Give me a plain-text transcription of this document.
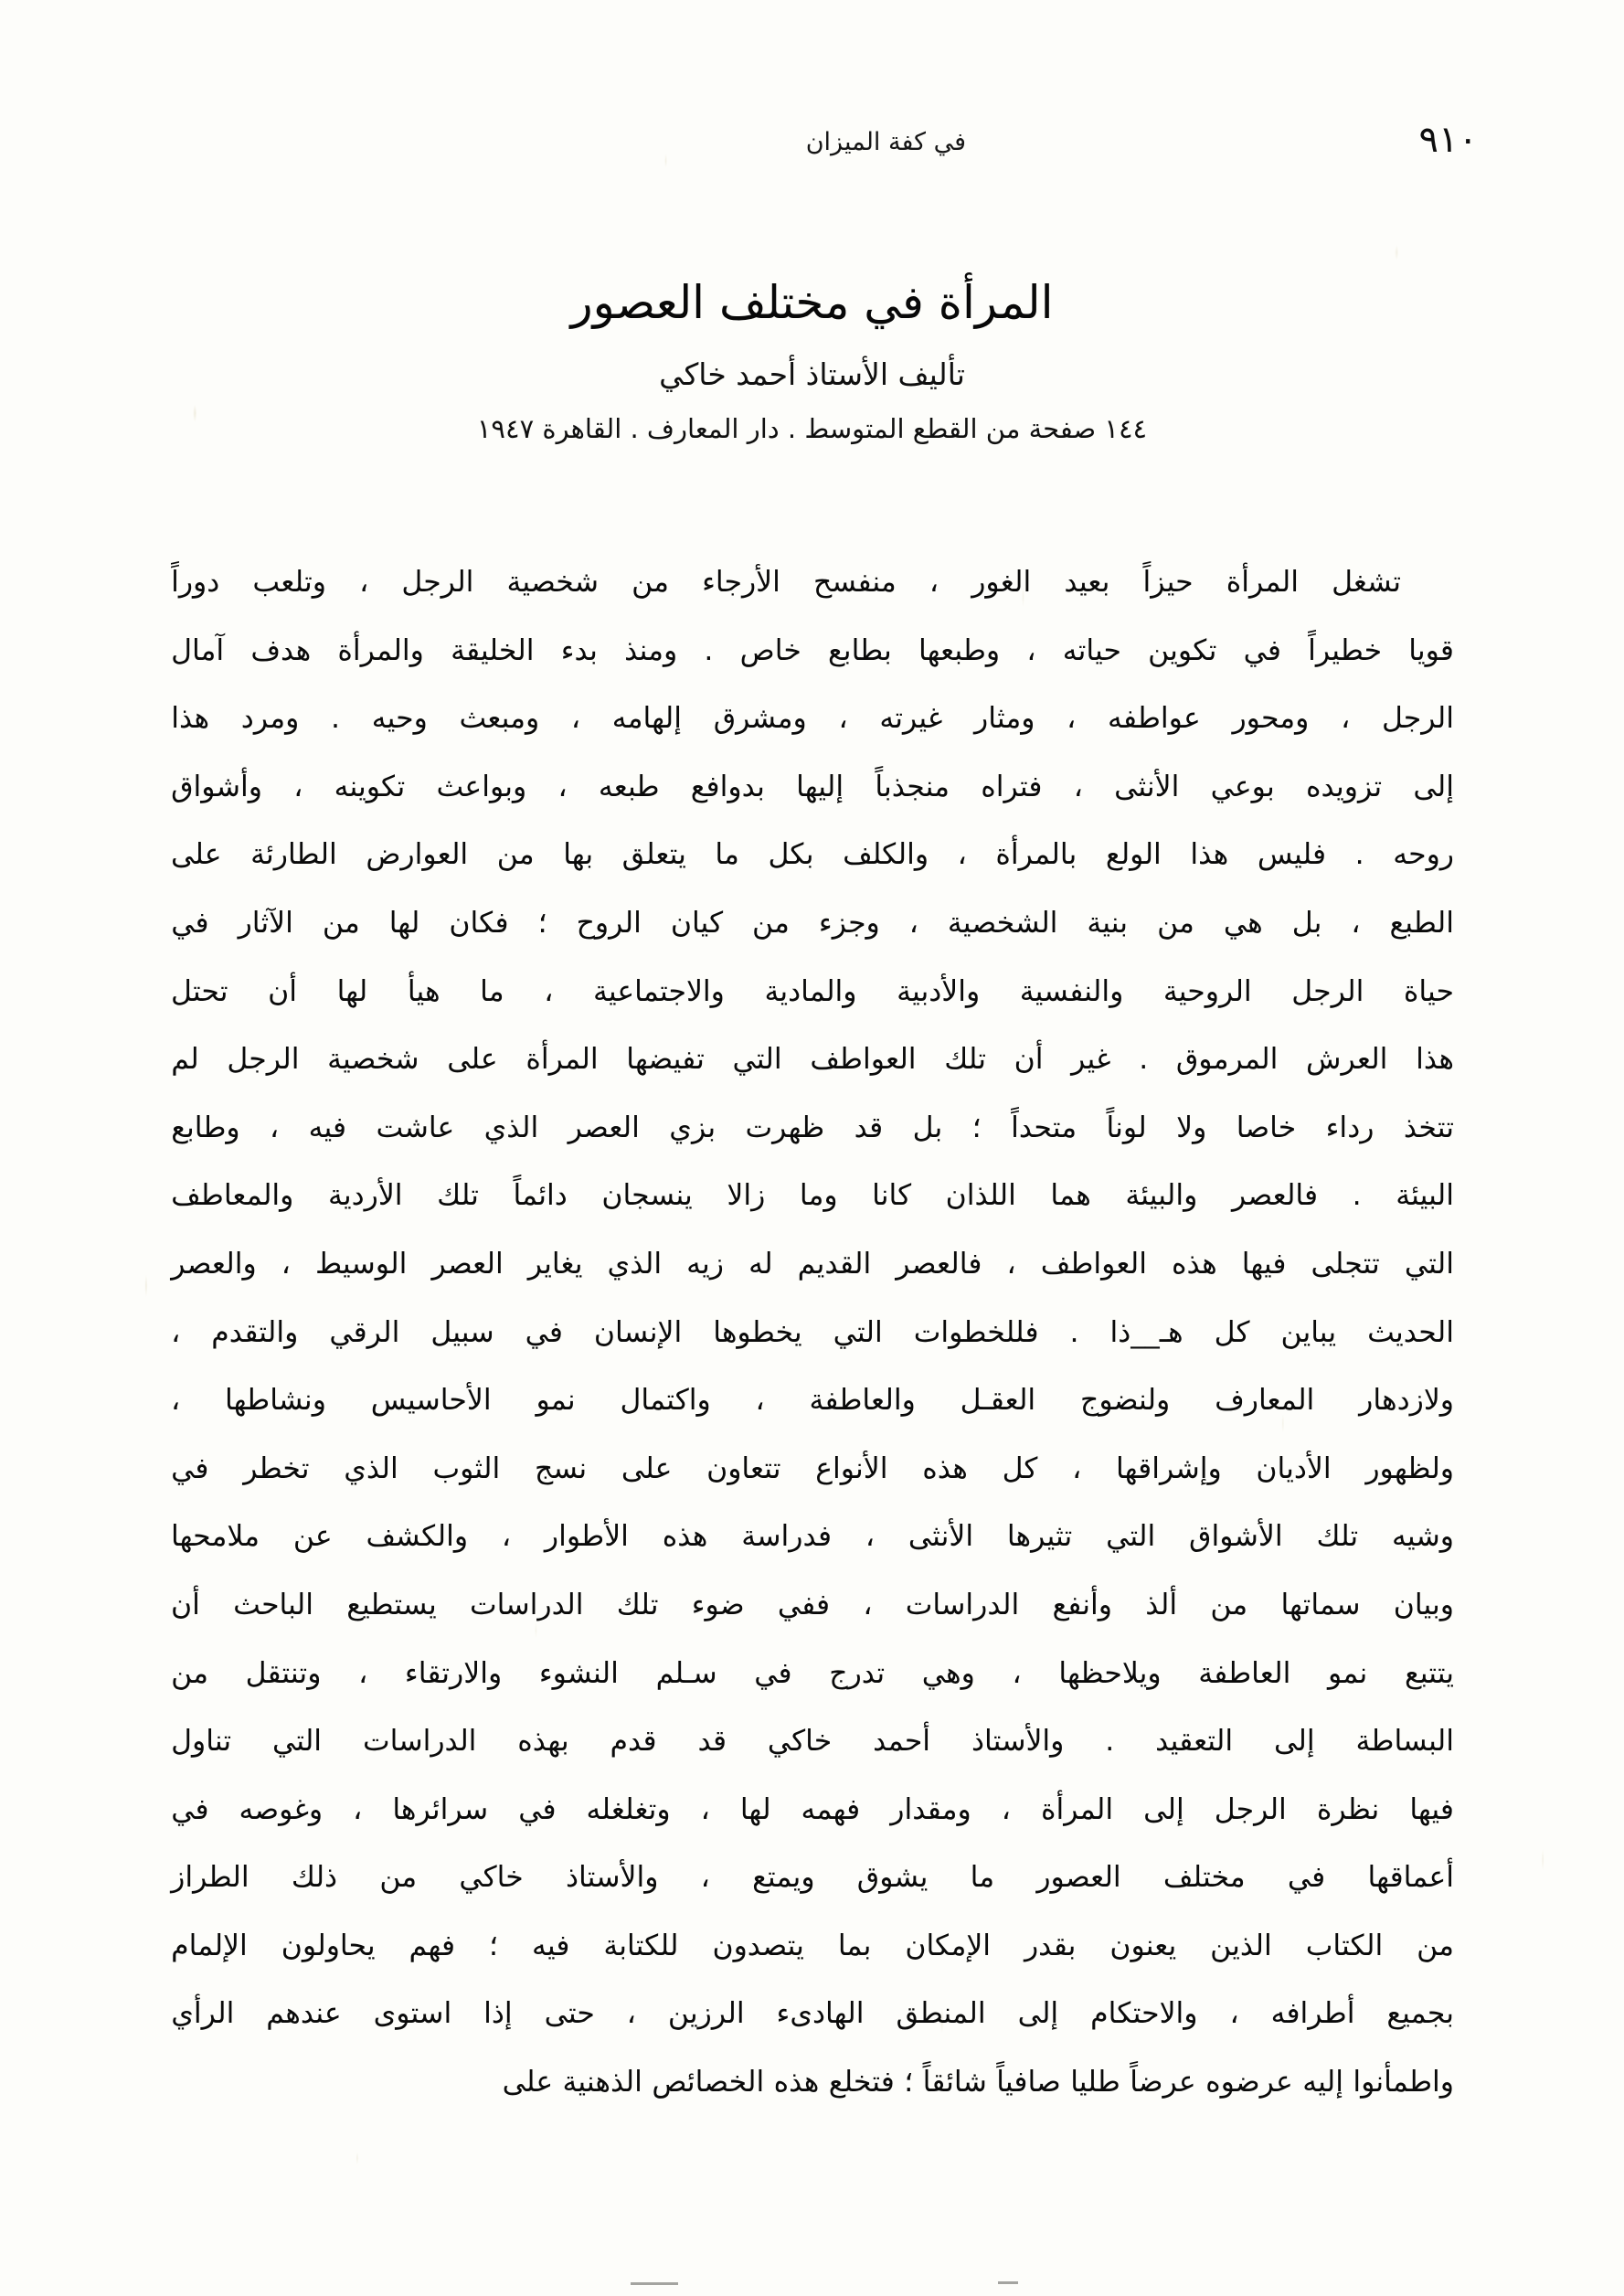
٩١٠
في كفة الميزان
المرأة في مختلف العصور
تأليف الأستاذ أحمد خاكي
١٤٤ صفحة من القطع المتوسط . دار المعارف . القاهرة ١٩٤٧
تشغل
المرأة
حيزاً
بعيد
الغور
،
منفسح
الأرجاء
من
شخصية
الرجل
،
وتلعب
دوراً
قويا
خطيراً
في
تكوين
حياته
،
وطبعها
بطابع
خاص
.
ومنذ
بدء
الخليقة
والمرأة
هدف
آمال
الرجل
،
ومحور
عواطفه
،
ومثار
غيرته
،
ومشرق
إلهامه
،
ومبعث
وحيه
.
ومرد
هذا
إلى
تزويده
بوعي
الأنثى
،
فتراه
منجذباً
إليها
بدوافع
طبعه
،
وبواعث
تكوينه
،
وأشواق
روحه
.
فليس
هذا
الولع
بالمرأة
،
والكلف
بكل
ما
يتعلق
بها
من
العوارض
الطارئة
على
الطبع
،
بل
هي
من
بنية
الشخصية
،
وجزء
من
كيان
الروح
؛
فكان
لها
من
الآثار
في
حياة
الرجل
الروحية
والنفسية
والأدبية
والمادية
والاجتماعية
،
ما
هيأ
لها
أن
تحتل
هذا
العرش
المرموق
.
غير
أن
تلك
العواطف
التي
تفيضها
المرأة
على
شخصية
الرجل
لم
تتخذ
رداء
خاصا
ولا
لوناً
متحداً
؛
بل
قد
ظهرت
بزي
العصر
الذي
عاشت
فيه
،
وطابع
البيئة
.
فالعصر
والبيئة
هما
اللذان
كانا
وما
زالا
ينسجان
دائماً
تلك
الأردية
والمعاطف
التي
تتجلى
فيها
هذه
العواطف
،
فالعصر
القديم
له
زيه
الذي
يغاير
العصر
الوسيط
،
والعصر
الحديث
يباين
كل
هـ__ذا
.
فللخطوات
التي
يخطوها
الإنسان
في
سبيل
الرقي
والتقدم
،
ولازدهار
المعارف
ولنضوج
العقـل
والعاطفة
،
واكتمال
نمو
الأحاسيس
ونشاطها
،
ولظهور
الأديان
وإشراقها
،
كل
هذه
الأنواع
تتعاون
على
نسج
الثوب
الذي
تخطر
في
وشيه
تلك
الأشواق
التي
تثيرها
الأنثى
،
فدراسة
هذه
الأطوار
،
والكشف
عن
ملامحها
وبيان
سماتها
من
ألذ
وأنفع
الدراسات
،
ففي
ضوء
تلك
الدراسات
يستطيع
الباحث
أن
يتتبع
نمو
العاطفة
ويلاحظها
،
وهي
تدرج
في
سـلم
النشوء
والارتقاء
،
وتنتقل
من
البساطة
إلى
التعقيد
.
والأستاذ
أحمد
خاكي
قد
قدم
بهذه
الدراسات
التي
تناول
فيها
نظرة
الرجل
إلى
المرأة
،
ومقدار
فهمه
لها
،
وتغلغله
في
سرائرها
،
وغوصه
في
أعماقها
في
مختلف
العصور
ما
يشوق
ويمتع
،
والأستاذ
خاكي
من
ذلك
الطراز
من
الكتاب
الذين
يعنون
بقدر
الإمكان
بما
يتصدون
للكتابة
فيه
؛
فهم
يحاولون
الإلمام
بجميع
أطرافه
،
والاحتكام
إلى
المنطق
الهادىء
الرزين
،
حتى
إذا
استوى
عندهم
الرأي
واطمأنوا
إليه
عرضوه
عرضاً
طليا
صافياً
شائقاً
؛
فتخلع
هذه
الخصائص
الذهنية
على
